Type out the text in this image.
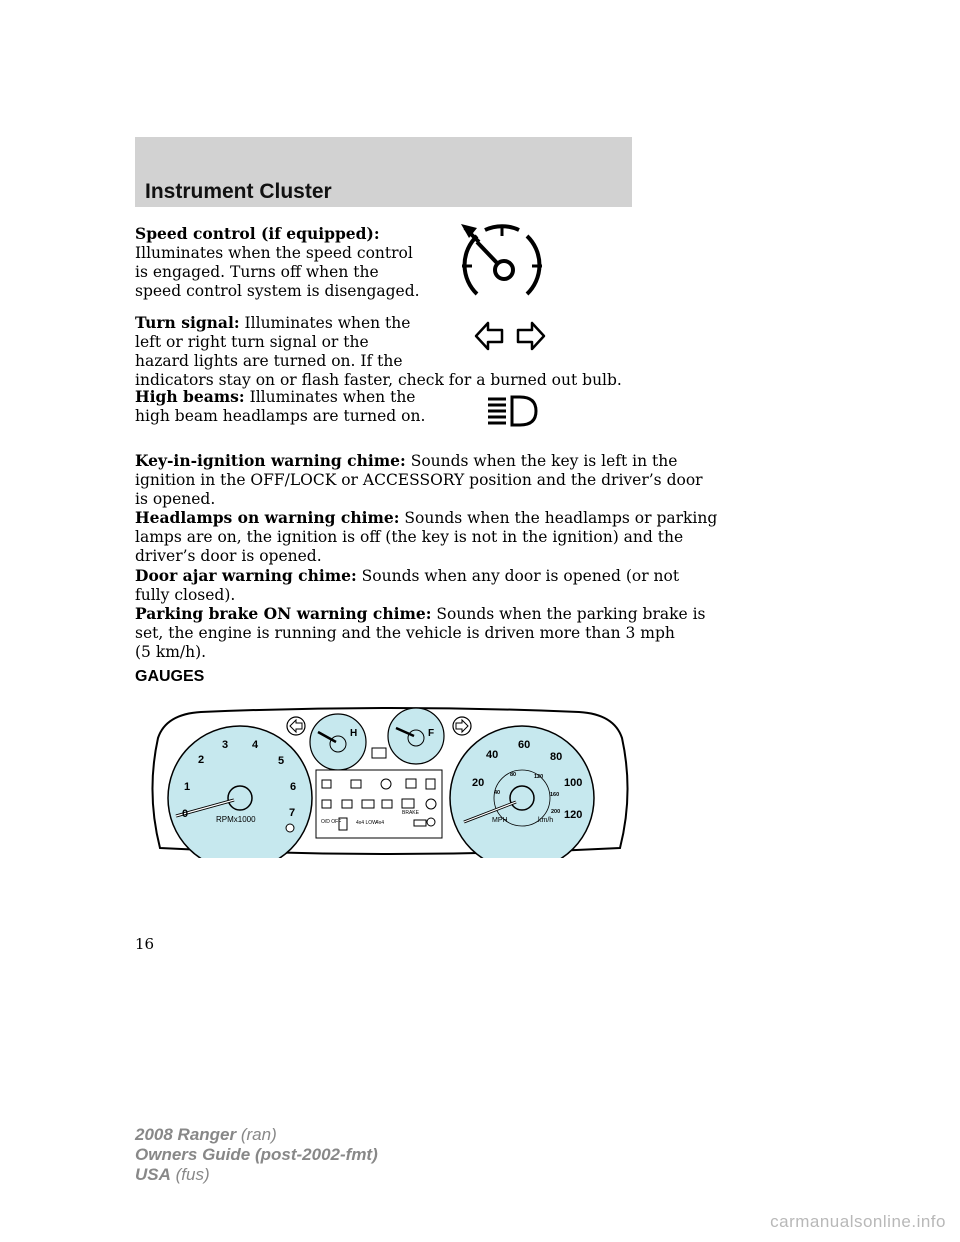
Instrument Cluster
Speed control (if equipped):
Illuminates when the speed control
is engaged. Turns off when the
speed control system is disengaged.
Turn signal: Illuminates when the
left or right turn signal or the
hazard lights are turned on. If the
indicators stay on or flash faster, check for a burned out bulb.
High beams: Illuminates when the
high beam headlamps are turned on.
Key-in-ignition warning chime: Sounds when the key is left in the
ignition in the OFF/LOCK or ACCESSORY position and the driver’s door
is opened.
Headlamps on warning chime: Sounds when the headlamps or parking
lamps are on, the ignition is off (the key is not in the ignition) and the
driver’s door is opened.
Door ajar warning chime: Sounds when any door is opened (or not
fully closed).
Parking brake ON warning chime: Sounds when the parking brake is
set, the engine is running and the vehicle is driven more than 3 mph
(5 km/h).
GAUGES
0
1
2
3 4
5
6
7
RPMx1000
H	F
O/D OFF	4x4 LOW 4x4
BRAKE
20
40
60
80
100
120
40
80	120
160
200
MPH	km/h
16
2008 Ranger (ran)
Owners Guide (post-2002-fmt)
USA (fus)
carmanualsonline.info
